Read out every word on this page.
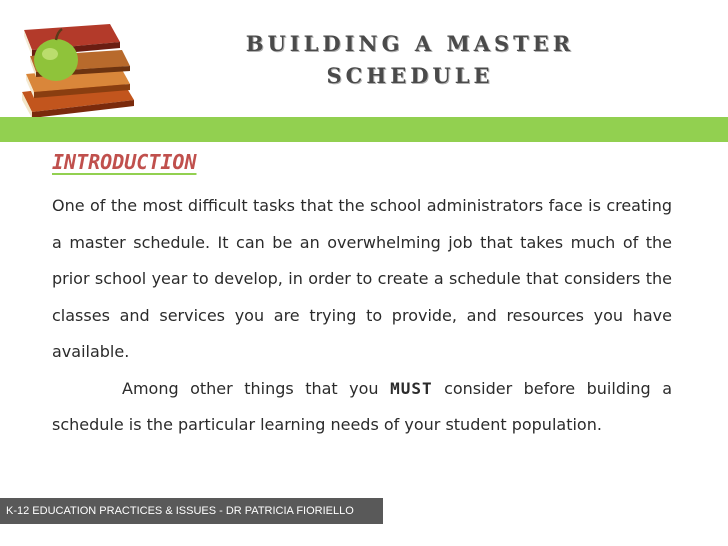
BUILDING A MASTER
SCHEDULE
INTRODUCTION
One of the most difficult tasks that the school administrators face is creating a master schedule. It can be an overwhelming job that takes much of the prior school year to develop, in order to create a schedule that considers the classes and services you are trying to provide, and resources you have available.
Among other things that you MUST consider before building a schedule is the particular learning needs of your student population.
K-12 EDUCATION PRACTICES & ISSUES - DR PATRICIA FIORIELLO
